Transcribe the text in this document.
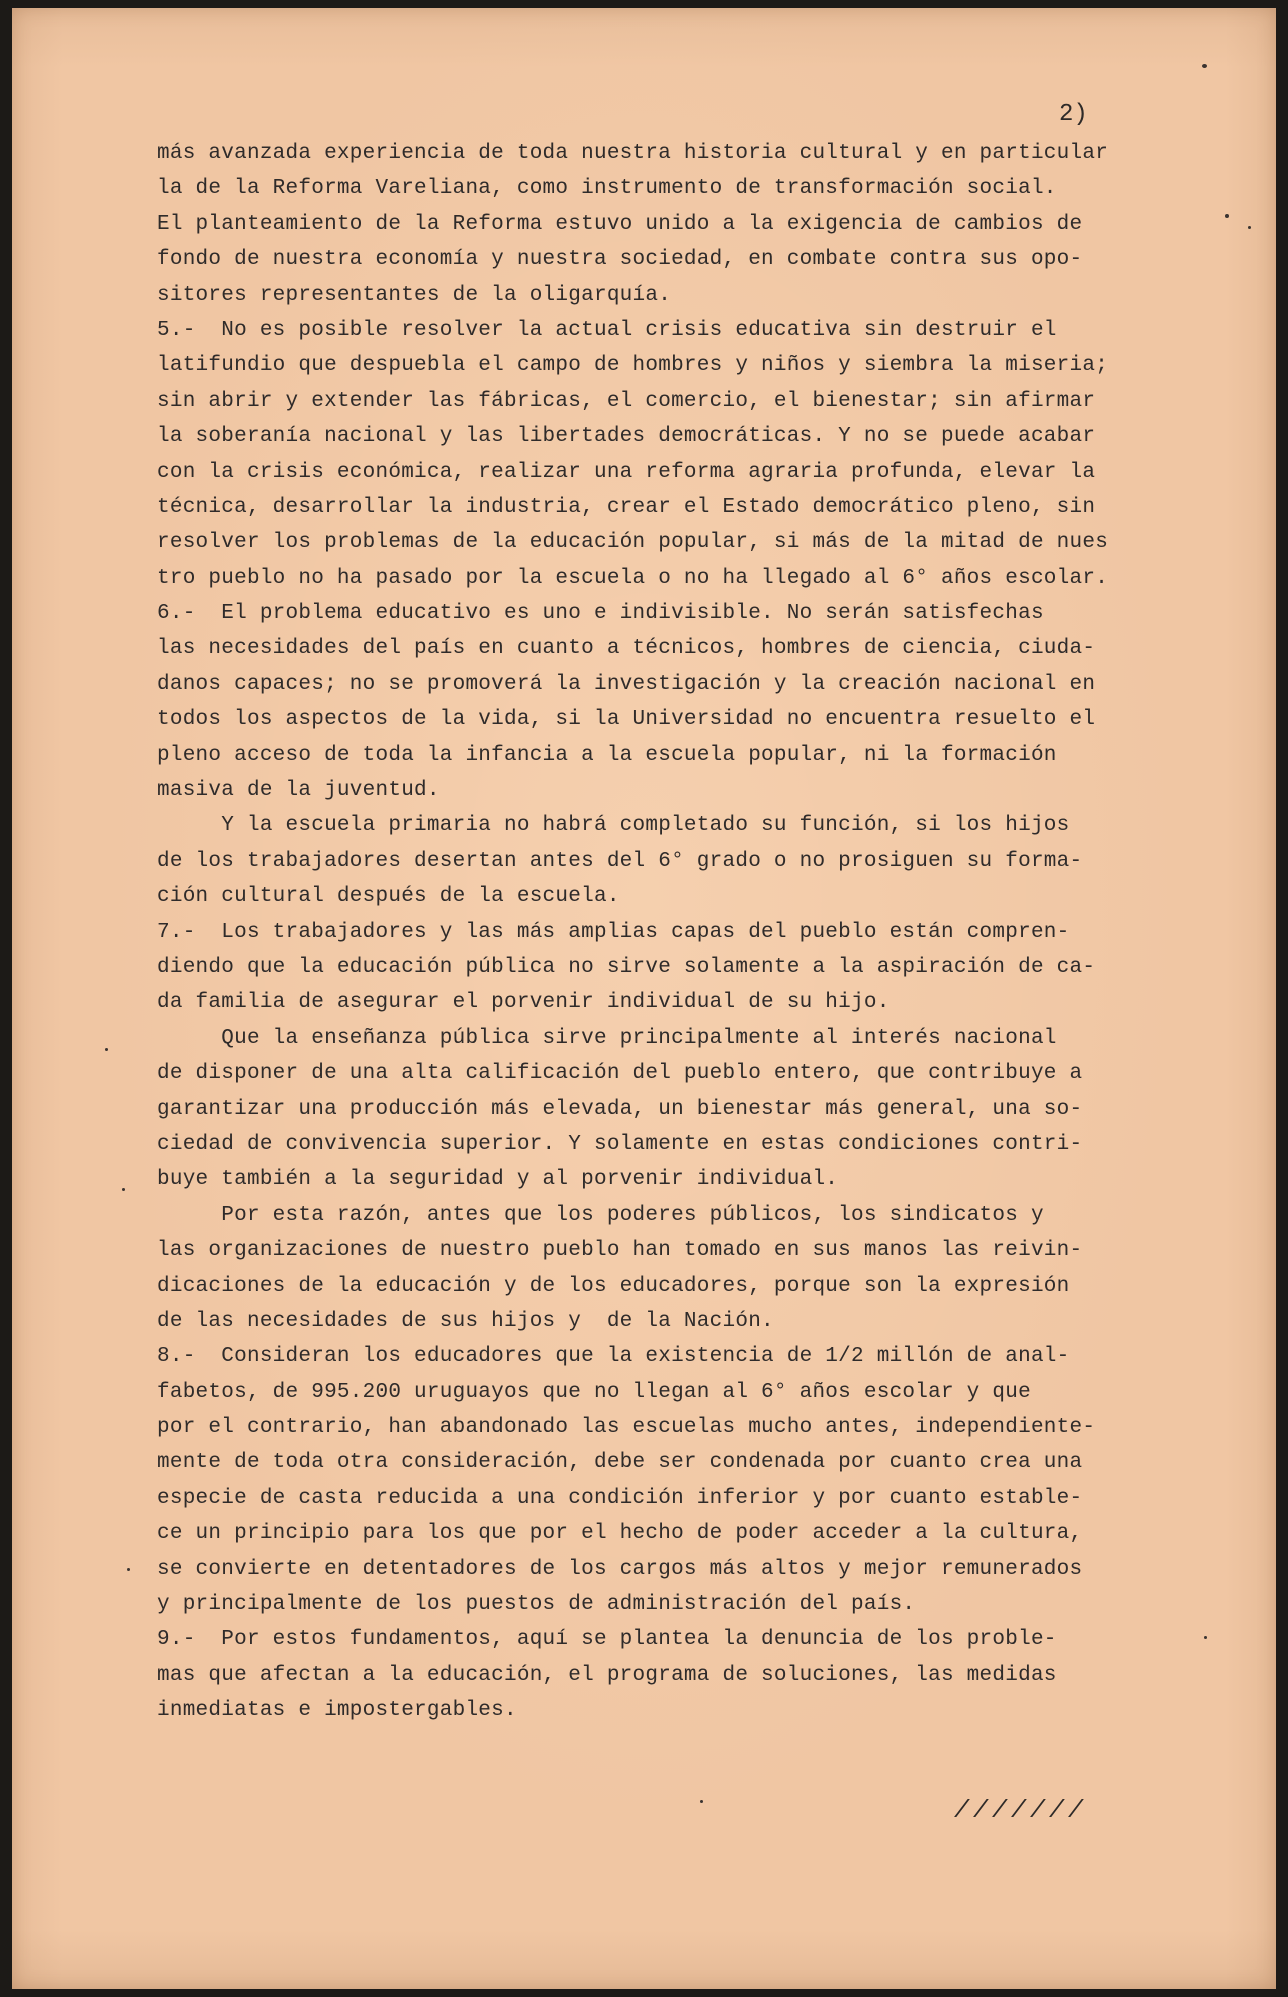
2)
más avanzada experiencia de toda nuestra historia cultural y en particular
la de la Reforma Vareliana, como instrumento de transformación social.
El planteamiento de la Reforma estuvo unido a la exigencia de cambios de
fondo de nuestra economía y nuestra sociedad, en combate contra sus opo-
sitores representantes de la oligarquía.
5.-  No es posible resolver la actual crisis educativa sin destruir el
latifundio que despuebla el campo de hombres y niños y siembra la miseria;
sin abrir y extender las fábricas, el comercio, el bienestar; sin afirmar
la soberanía nacional y las libertades democráticas. Y no se puede acabar
con la crisis económica, realizar una reforma agraria profunda, elevar la
técnica, desarrollar la industria, crear el Estado democrático pleno, sin
resolver los problemas de la educación popular, si más de la mitad de nues
tro pueblo no ha pasado por la escuela o no ha llegado al 6° años escolar.
6.-  El problema educativo es uno e indivisible. No serán satisfechas
las necesidades del país en cuanto a técnicos, hombres de ciencia, ciuda-
danos capaces; no se promoverá la investigación y la creación nacional en
todos los aspectos de la vida, si la Universidad no encuentra resuelto el
pleno acceso de toda la infancia a la escuela popular, ni la formación
masiva de la juventud.
Y la escuela primaria no habrá completado su función, si los hijos
de los trabajadores desertan antes del 6° grado o no prosiguen su forma-
ción cultural después de la escuela.
7.-  Los trabajadores y las más amplias capas del pueblo están compren-
diendo que la educación pública no sirve solamente a la aspiración de ca-
da familia de asegurar el porvenir individual de su hijo.
Que la enseñanza pública sirve principalmente al interés nacional
de disponer de una alta calificación del pueblo entero, que contribuye a
garantizar una producción más elevada, un bienestar más general, una so-
ciedad de convivencia superior. Y solamente en estas condiciones contri-
buye también a la seguridad y al porvenir individual.
Por esta razón, antes que los poderes públicos, los sindicatos y
las organizaciones de nuestro pueblo han tomado en sus manos las reivin-
dicaciones de la educación y de los educadores, porque son la expresión
de las necesidades de sus hijos y  de la Nación.
8.-  Consideran los educadores que la existencia de 1/2 millón de anal-
fabetos, de 995.200 uruguayos que no llegan al 6° años escolar y que
por el contrario, han abandonado las escuelas mucho antes, independiente-
mente de toda otra consideración, debe ser condenada por cuanto crea una
especie de casta reducida a una condición inferior y por cuanto estable-
ce un principio para los que por el hecho de poder acceder a la cultura,
se convierte en detentadores de los cargos más altos y mejor remunerados
y principalmente de los puestos de administración del país.
9.-  Por estos fundamentos, aquí se plantea la denuncia de los proble-
mas que afectan a la educación, el programa de soluciones, las medidas
inmediatas e impostergables.
///////
